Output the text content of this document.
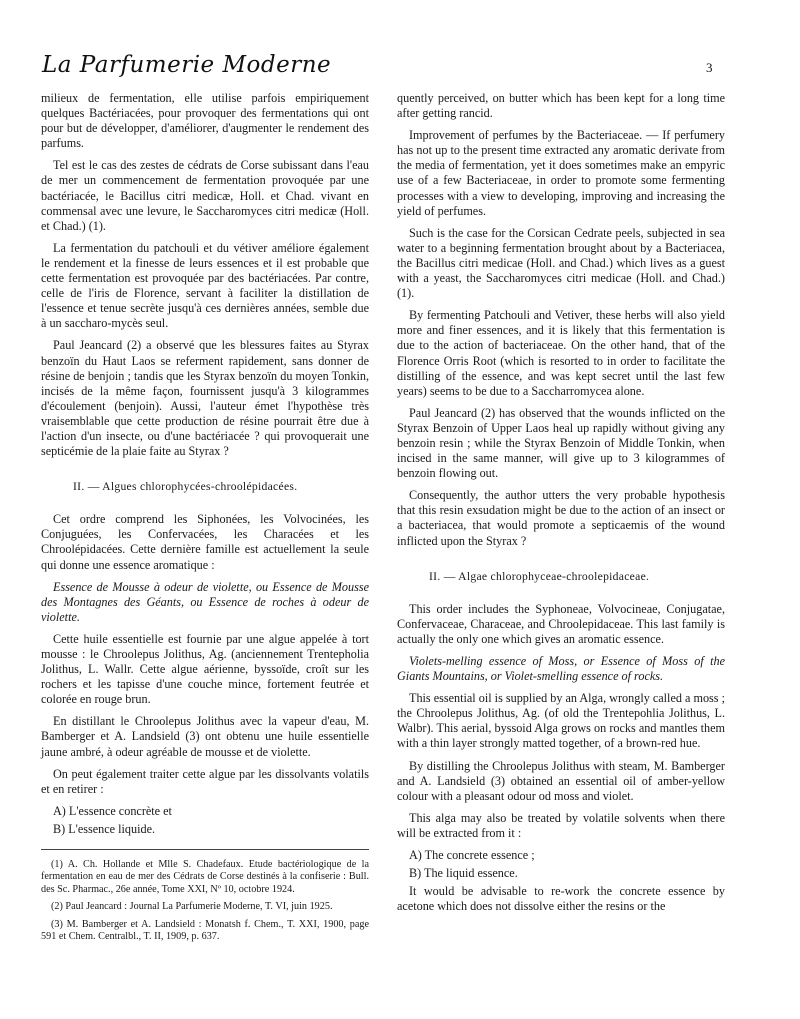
La Parfumerie Moderne	3

milieux de fermentation, elle utilise parfois empiriquement quelques Bactériacées, pour provoquer des fermentations qui ont pour but de développer, d'améliorer, d'augmenter le rendement des parfums.

Tel est le cas des zestes de cédrats de Corse subissant dans l'eau de mer un commencement de fermentation provoquée par une bactériacée, le Bacillus citri medicæ, Holl. et Chad. vivant en commensal avec une levure, le Saccharomyces citri medicæ (Holl. et Chad.) (1).

La fermentation du patchouli et du vétiver améliore également le rendement et la finesse de leurs essences et il est probable que cette fermentation est provoquée par des bactériacées. Par contre, celle de l'iris de Florence, servant à faciliter la distillation de l'essence et tenue secrète jusqu'à ces dernières années, semble due à un saccharo-mycès seul.

Paul Jeancard (2) a observé que les blessures faites au Styrax benzoïn du Haut Laos se referment rapidement, sans donner de résine de benjoin ; tandis que les Styrax benzoïn du moyen Tonkin, incisés de la même façon, fournissent jusqu'à 3 kilogrammes d'écoulement (benjoin). Aussi, l'auteur émet l'hypothèse très vraisemblable que cette production de résine pourrait être due à l'action d'un insecte, ou d'une bactériacée ? qui provoquerait une septicémie de la plaie faite au Styrax ?

II. — Algues chlorophycées-chroolépidacées.

Cet ordre comprend les Siphonées, les Volvocinées, les Conjuguées, les Confervacées, les Characées et les Chroolépidacées. Cette dernière famille est actuellement la seule qui donne une essence aromatique :

Essence de Mousse à odeur de violette, ou Essence de Mousse des Montagnes des Géants, ou Essence de roches à odeur de violette.

Cette huile essentielle est fournie par une algue appelée à tort mousse : le Chroolepus Jolithus, Ag. (anciennement Trentepholia Jolithus, L. Wallr. Cette algue aérienne, byssoïde, croît sur les rochers et les tapisse d'une couche mince, fortement feutrée et colorée en rouge brun.

En distillant le Chroolepus Jolithus avec la vapeur d'eau, M. Bamberger et A. Landsield (3) ont obtenu une huile essentielle jaune ambré, à odeur agréable de mousse et de violette.

On peut également traiter cette algue par les dissolvants volatils et en retirer :

A) L'essence concrète et

B) L'essence liquide.

(1) A. Ch. Hollande et Mlle S. Chadefaux. Etude bactériologique de la fermentation en eau de mer des Cédrats de Corse destinés à la confiserie : Bull. des Sc. Pharmac., 26e année, Tome XXI, Nº 10, octobre 1924.

(2) Paul Jeancard : Journal La Parfumerie Moderne, T. VI, juin 1925.

(3) M. Bamberger et A. Landsield : Monatsh f. Chem., T. XXI, 1900, page 591 et Chem. Centralbl., T. II, 1909, p. 637.

quently perceived, on butter which has been kept for a long time after getting rancid.

Improvement of perfumes by the Bacteriaceae. — If perfumery has not up to the present time extracted any aromatic derivate from the media of fermentation, yet it does sometimes make an empyric use of a few Bacteriaceae, in order to promote some fermenting processes with a view to developing, improving and increasing the yield of perfumes.

Such is the case for the Corsican Cedrate peels, subjected in sea water to a beginning fermentation brought about by a Bacteriacea, the Bacillus citri medicae (Holl. and Chad.) which lives as a guest with a yeast, the Saccharomyces citri medicae (Holl. and Chad.) (1).

By fermenting Patchouli and Vetiver, these herbs will also yield more and finer essences, and it is likely that this fermentation is due to the action of bacteriaceae. On the other hand, that of the Florence Orris Root (which is resorted to in order to facilitate the distilling of the essence, and was kept secret until the last few years) seems to be due to a Saccharromycea alone.

Paul Jeancard (2) has observed that the wounds inflicted on the Styrax Benzoin of Upper Laos heal up rapidly without giving any benzoin resin ; while the Styrax Benzoin of Middle Tonkin, when incised in the same manner, will give up to 3 kilogrammes of benzoin flowing out.

Consequently, the author utters the very probable hypothesis that this resin exsudation might be due to the action of an insect or a bacteriacea, that would promote a septicaemis of the wound inflicted upon the Styrax ?

II. — Algae chlorophyceae-chroolepidaceae.

This order includes the Syphoneae, Volvocineae, Conjugatae, Confervaceae, Characeae, and Chroolepidaceae. This last family is actually the only one which gives an aromatic essence.

Violets-melling essence of Moss, or Essence of Moss of the Giants Mountains, or Violet-smelling essence of rocks.

This essential oil is supplied by an Alga, wrongly called a moss ; the Chroolepus Jolithus, Ag. (of old the Trentepohlia Jolithus, L. Walbr). This aerial, byssoid Alga grows on rocks and mantles them with a thin layer strongly matted together, of a brown-red hue.

By distilling the Chroolepus Jolithus with steam, M. Bamberger and A. Landsield (3) obtained an essential oil of amber-yellow colour with a pleasant odour od moss and violet.

This alga may also be treated by volatile solvents when there will be extracted from it :

A) The concrete essence ;

B) The liquid essence.

It would be advisable to re-work the concrete essence by acetone which does not dissolve either the resins or the
